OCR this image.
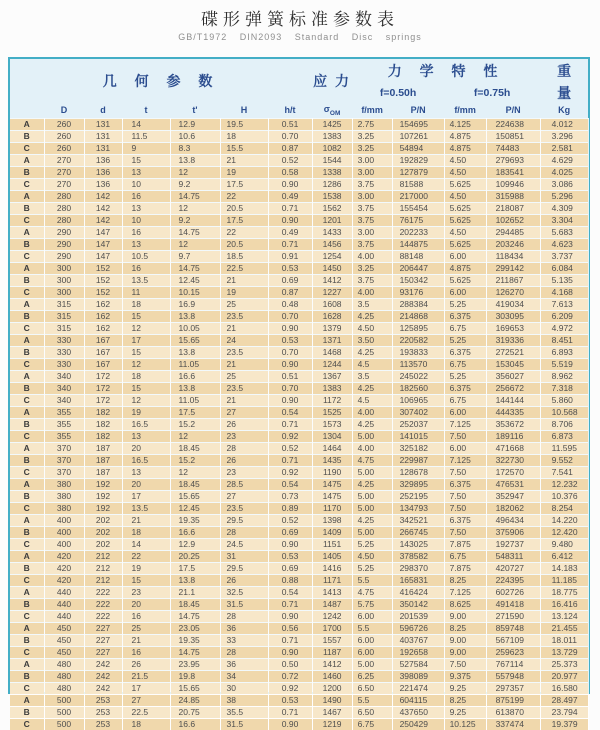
碟形弹簧标准参数表
GB/T1972 DIN2093 Standard Disc springs
几 何 参 数							应 力	力 学 特 性				重
								f=0.50h		f=0.75h		量
	D	d	t	t'	H	h/t	$\sigma_{OM}$	f/mm	P/N	f/mm	P/N	Kg
A	260	131	14	12.9	19.5	0.51	1425	2.75	154695	4.125	224638	4.012
B	260	131	11.5	10.6	18	0.70	1383	3.25	107261	4.875	150851	3.296
C	260	131	9	8.3	15.5	0.87	1082	3.25	54894	4.875	74483	2.581
A	270	136	15	13.8	21	0.52	1544	3.00	192829	4.50	279693	4.629
B	270	136	13	12	19	0.58	1338	3.00	127879	4.50	183541	4.025
C	270	136	10	9.2	17.5	0.90	1286	3.75	81588	5.625	109946	3.086
A	280	142	16	14.75	22	0.49	1538	3.00	217000	4.50	315988	5.296
B	280	142	13	12	20.5	0.71	1562	3.75	155454	5.625	218087	4.309
C	280	142	10	9.2	17.5	0.90	1201	3.75	76175	5.625	102652	3.304
A	290	147	16	14.75	22	0.49	1433	3.00	202233	4.50	294485	5.683
B	290	147	13	12	20.5	0.71	1456	3.75	144875	5.625	203246	4.623
C	290	147	10.5	9.7	18.5	0.91	1254	4.00	88148	6.00	118434	3.737
A	300	152	16	14.75	22.5	0.53	1450	3.25	206447	4.875	299142	6.084
B	300	152	13.5	12.45	21	0.69	1412	3.75	150342	5.625	211867	5.135
C	300	152	11	10.15	19	0.87	1227	4.00	93176	6.00	126270	4.168
A	315	162	18	16.9	25	0.48	1608	3.5	288384	5.25	419034	7.613
B	315	162	15	13.8	23.5	0.70	1628	4.25	214868	6.375	303095	6.209
C	315	162	12	10.05	21	0.90	1379	4.50	125895	6.75	169653	4.972
A	330	167	17	15.65	24	0.53	1371	3.50	220582	5.25	319336	8.451
B	330	167	15	13.8	23.5	0.70	1468	4.25	193833	6.375	272521	6.893
C	330	167	12	11.05	21	0.90	1244	4.5	113570	6.75	153045	5.519
A	340	172	18	16.6	25	0.51	1367	3.5	245022	5.25	356027	8.962
B	340	172	15	13.8	23.5	0.70	1383	4.25	182560	6.375	256672	7.318
C	340	172	12	11.05	21	0.90	1172	4.5	106965	6.75	144144	5.860
A	355	182	19	17.5	27	0.54	1525	4.00	307402	6.00	444335	10.568
B	355	182	16.5	15.2	26	0.71	1573	4.25	252037	7.125	353672	8.706
C	355	182	13	12	23	0.92	1304	5.00	141015	7.50	189116	6.873
A	370	187	20	18.45	28	0.52	1464	4.00	325182	6.00	471668	11.595
B	370	187	16.5	15.2	26	0.71	1435	4.75	229987	7.125	322730	9.552
C	370	187	13	12	23	0.92	1190	5.00	128678	7.50	172570	7.541
A	380	192	20	18.45	28.5	0.54	1475	4.25	329895	6.375	476531	12.232
B	380	192	17	15.65	27	0.73	1475	5.00	252195	7.50	352947	10.376
C	380	192	13.5	12.45	23.5	0.89	1170	5.00	134793	7.50	182062	8.254
A	400	202	21	19.35	29.5	0.52	1398	4.25	342521	6.375	496434	14.220
B	400	202	18	16.6	28	0.69	1409	5.00	266745	7.50	375906	12.420
C	400	202	14	12.9	24.5	0.90	1151	5.25	143025	7.875	192737	9.480
A	420	212	22	20.25	31	0.53	1405	4.50	378582	6.75	548311	6.412
B	420	212	19	17.5	29.5	0.69	1416	5.25	298370	7.875	420727	14.183
C	420	212	15	13.8	26	0.88	1171	5.5	165831	8.25	224395	11.185
A	440	222	23	21.1	32.5	0.54	1413	4.75	416424	7.125	602726	18.775
B	440	222	20	18.45	31.5	0.71	1487	5.75	350142	8.625	491418	16.416
C	440	222	16	14.75	28	0.90	1242	6.00	201539	9.00	271590	13.124
A	450	227	25	23.05	36	0.56	1700	5.5	596726	8.25	859748	21.455
B	450	227	21	19.35	33	0.71	1557	6.00	403767	9.00	567109	18.011
C	450	227	16	14.75	28	0.90	1187	6.00	192658	9.00	259623	13.729
A	480	242	26	23.95	36	0.50	1412	5.00	527584	7.50	767114	25.373
B	480	242	21.5	19.8	34	0.72	1460	6.25	398089	9.375	557948	20.977
C	480	242	17	15.65	30	0.92	1200	6.50	221474	9.25	297357	16.580
A	500	253	27	24.85	38	0.53	1490	5.5	604115	8.25	875199	28.497
B	500	253	22.5	20.75	35.5	0.71	1467	6.50	437650	9.25	613870	23.794
C	500	253	18	16.6	31.5	0.90	1219	6.75	250429	10.125	337474	19.379
